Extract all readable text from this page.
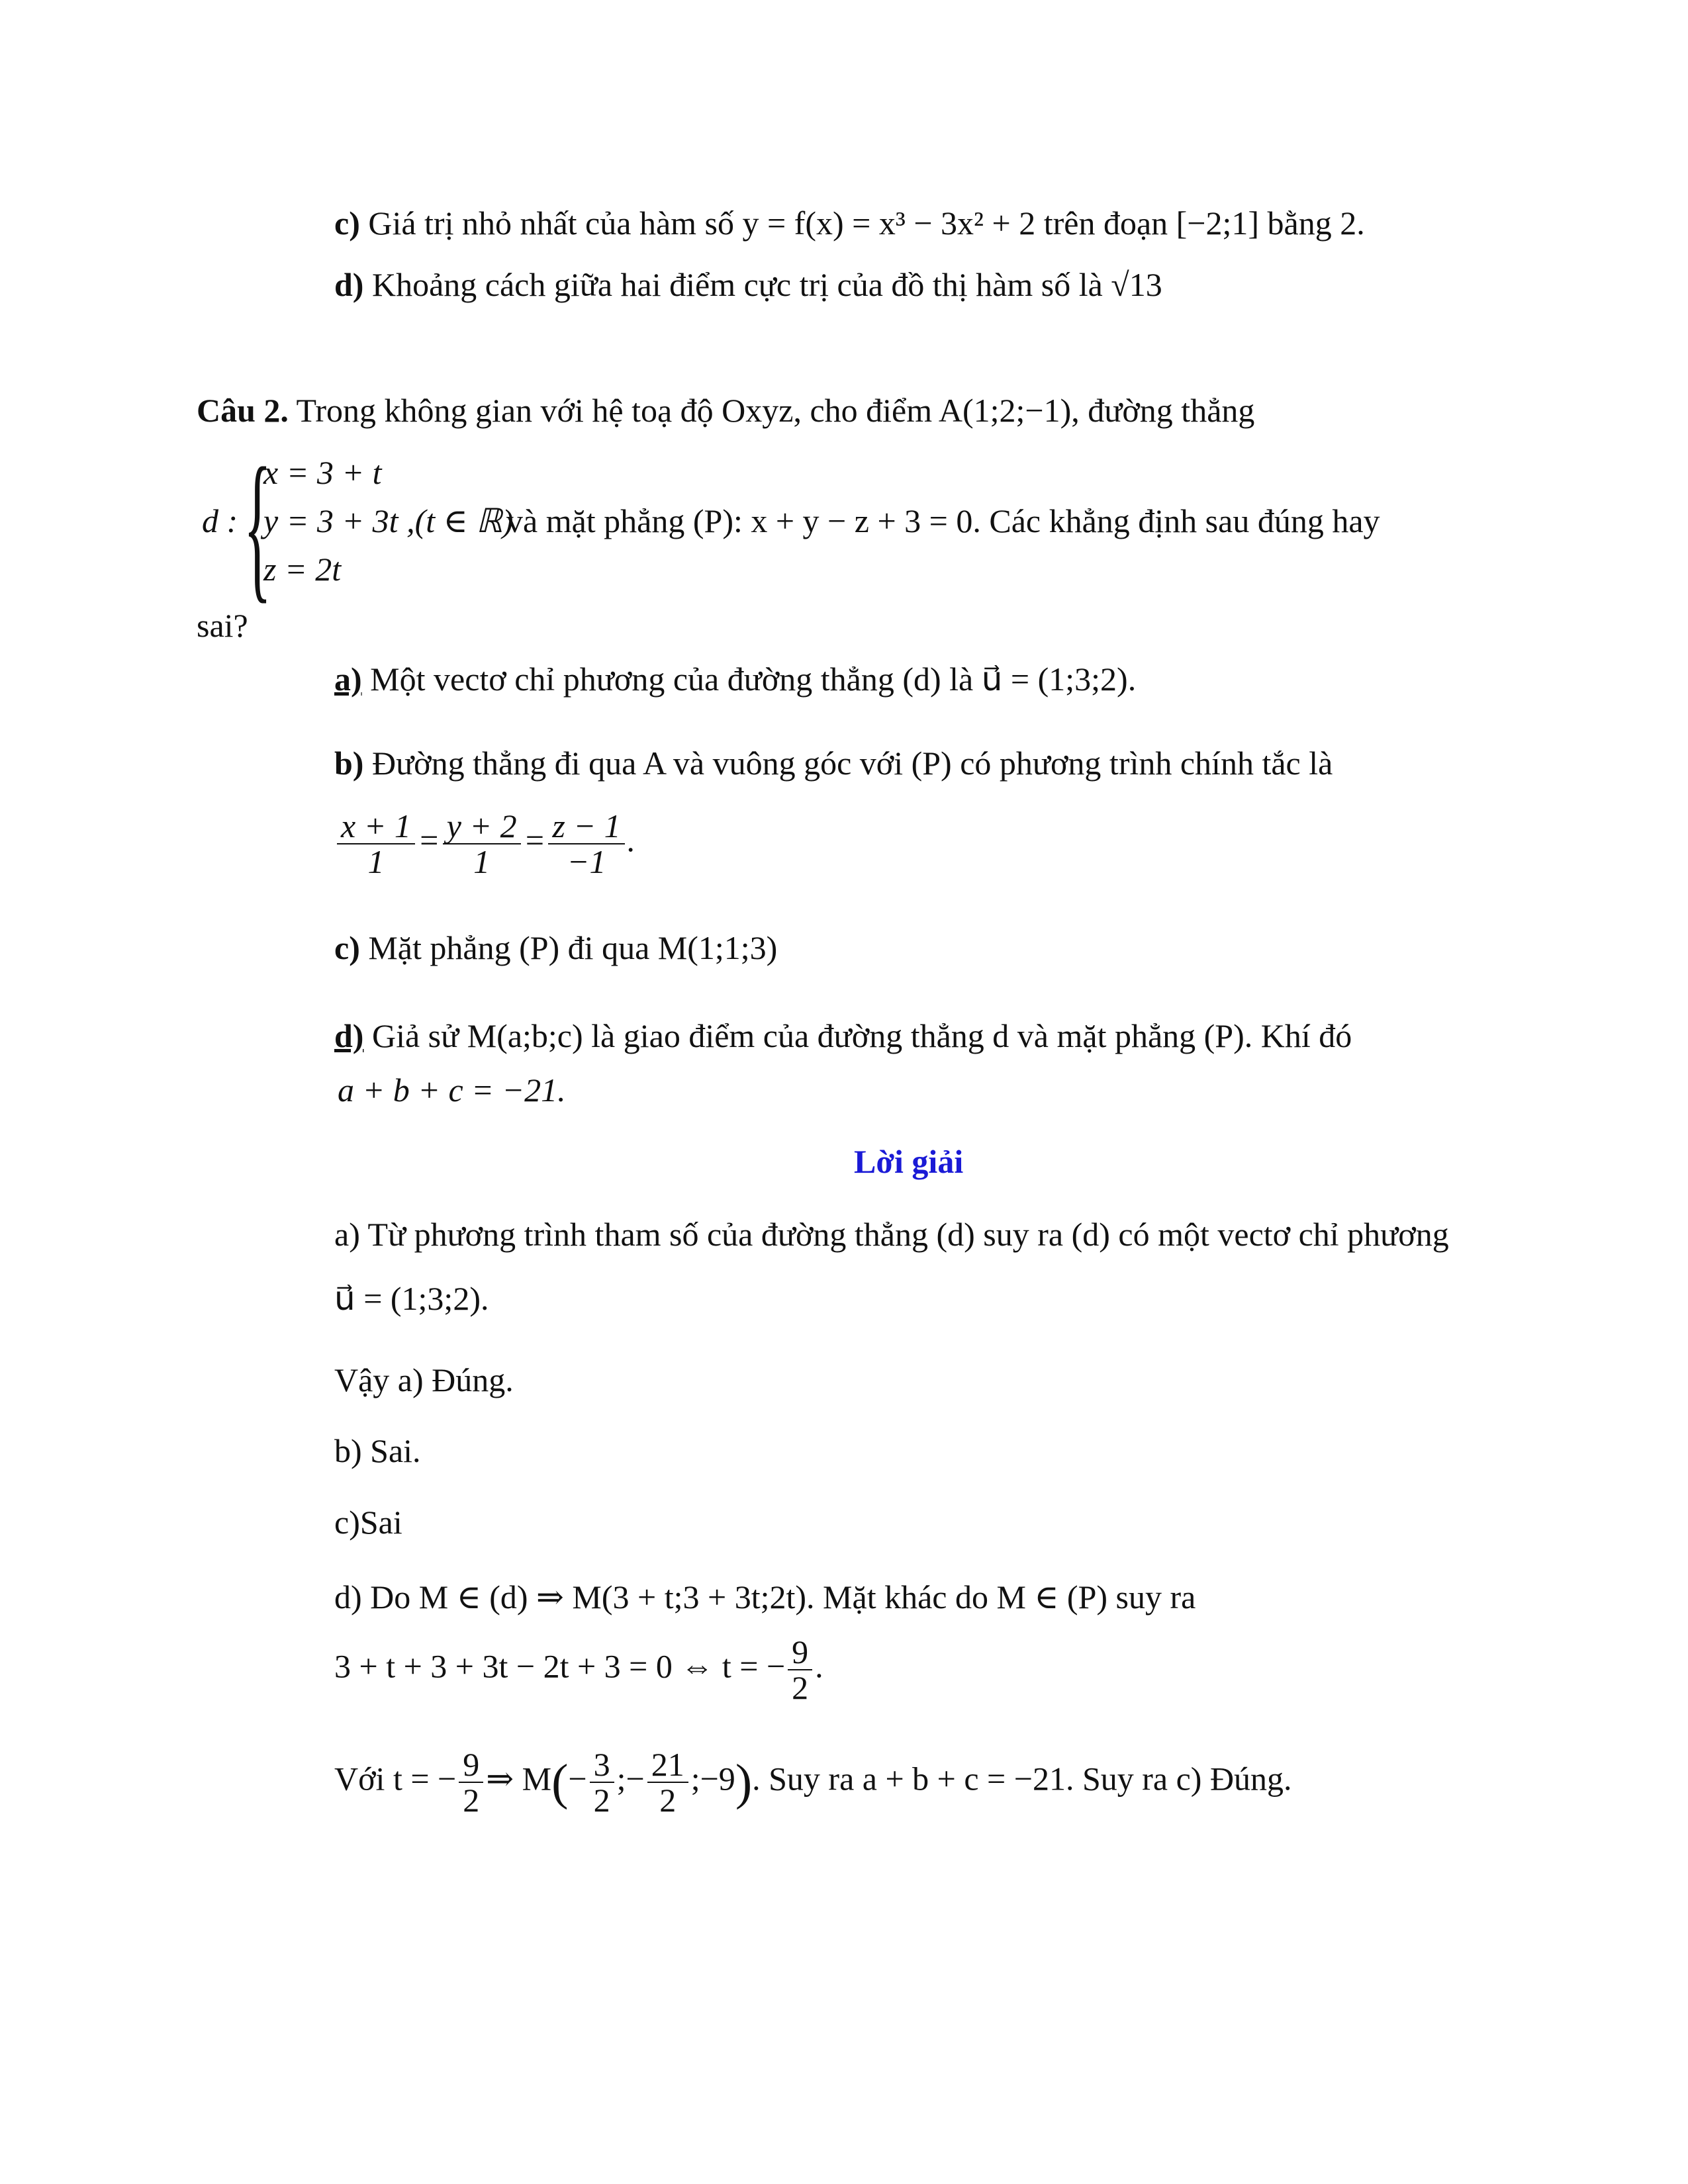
c) Giá trị nhỏ nhất của hàm số y = f(x) = x³ − 3x² + 2 trên đoạn [−2;1] bằng 2.
d) Khoảng cách giữa hai điểm cực trị của đồ thị hàm số là √13
Câu 2. Trong không gian với hệ toạ độ Oxyz, cho điểm A(1;2;−1), đường thẳng
d : {
x = 3 + t
y = 3 + 3t ,(t ∈ ℝ)
z = 2t
và mặt phẳng (P): x + y − z + 3 = 0. Các khẳng định sau đúng hay
sai?
a) Một vectơ chỉ phương của đường thẳng (d) là u⃗ = (1;3;2).
b) Đường thẳng đi qua A và vuông góc với (P) có phương trình chính tắc là
$\frac{x + 1}{1} = \frac{y + 2}{1} = \frac{z - 1}{-1}$ .
c) Mặt phẳng (P) đi qua M(1;1;3)
d) Giả sử M(a;b;c) là giao điểm của đường thẳng d và mặt phẳng (P). Khí đó
a + b + c = −21.
Lời giải
a) Từ phương trình tham số của đường thẳng (d) suy ra (d) có một vectơ chỉ phương
u⃗ = (1;3;2).
Vậy a) Đúng.
b) Sai.
c)Sai
d) Do M ∈ (d) ⇒ M(3 + t;3 + 3t;2t). Mặt khác do M ∈ (P) suy ra
3 + t + 3 + 3t − 2t + 3 = 0 ⇔ t = − $\frac{9}{2}$ .
Với t = − $\frac{9}{2}$ ⇒ $M(- \frac{3}{2}$ ;− $\frac{21}{2}$ ;−9). Suy ra a + b + c = −21. Suy ra c) Đúng.
